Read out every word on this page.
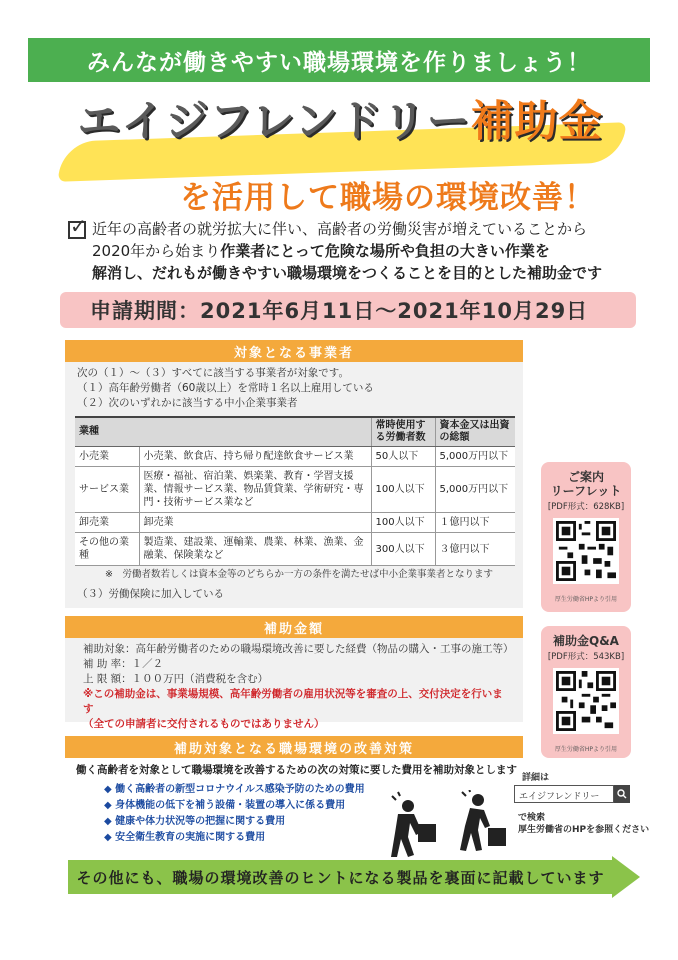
みんなが働きやすい職場環境を作りましょう！
エイジフレンドリー補助金
を活用して職場の環境改善！
✓ 近年の高齢者の就労拡大に伴い、高齢者の労働災害が増えていることから
2020年から始まり作業者にとって危険な場所や負担の大きい作業を
解消し、だれもが働きやすい職場環境をつくることを目的とした補助金です
申請期間：2021年6月11日～2021年10月29日
対象となる事業者
次の（１）～（３）すべてに該当する事業者が対象です。
（１）高年齢労働者（60歳以上）を常時１名以上雇用している
（２）次のいずれかに該当する中小企業事業者
業種		常時使用する労働者数	資本金又は出資の総額
小売業	小売業、飲食店、持ち帰り配達飲食サービス業	50人以下	5,000万円以下
サービス業	医療・福祉、宿泊業、娯楽業、教育・学習支援業、情報サービス業、物品賃貸業、学術研究・専門・技術サービス業など	100人以下	5,000万円以下
卸売業	卸売業	100人以下	１億円以下
その他の業種	製造業、建設業、運輸業、農業、林業、漁業、金融業、保険業など	300人以下	３億円以下
※　労働者数若しくは資本金等のどちらか一方の条件を満たせば中小企業事業者となります
（３）労働保険に加入している
補助金額
補助対象：高年齢労働者のための職場環境改善に要した経費（物品の購入・工事の施工等）
補 助 率：１／２
上 限 額：１００万円（消費税を含む）
※この補助金は、事業場規模、高年齢労働者の雇用状況等を審査の上、交付決定を行います
（全ての申請者に交付されるものではありません）
補助対象となる職場環境の改善対策
働く高齢者を対象として職場環境を改善するための次の対策に要した費用を補助対象とします
◆ 働く高齢者の新型コロナウイルス感染予防のための費用
◆ 身体機能の低下を補う設備・装置の導入に係る費用
◆ 健康や体力状況等の把握に関する費用
◆ 安全衛生教育の実施に関する費用
詳細は
エイジフレンドリー
で検索
厚生労働省のHPを参照ください
ご案内
リーフレット
[PDF形式：628KB]
厚生労働省HPより引用
補助金Q&A
[PDF形式：543KB]
厚生労働省HPより引用
その他にも、職場の環境改善のヒントになる製品を裏面に記載しています
